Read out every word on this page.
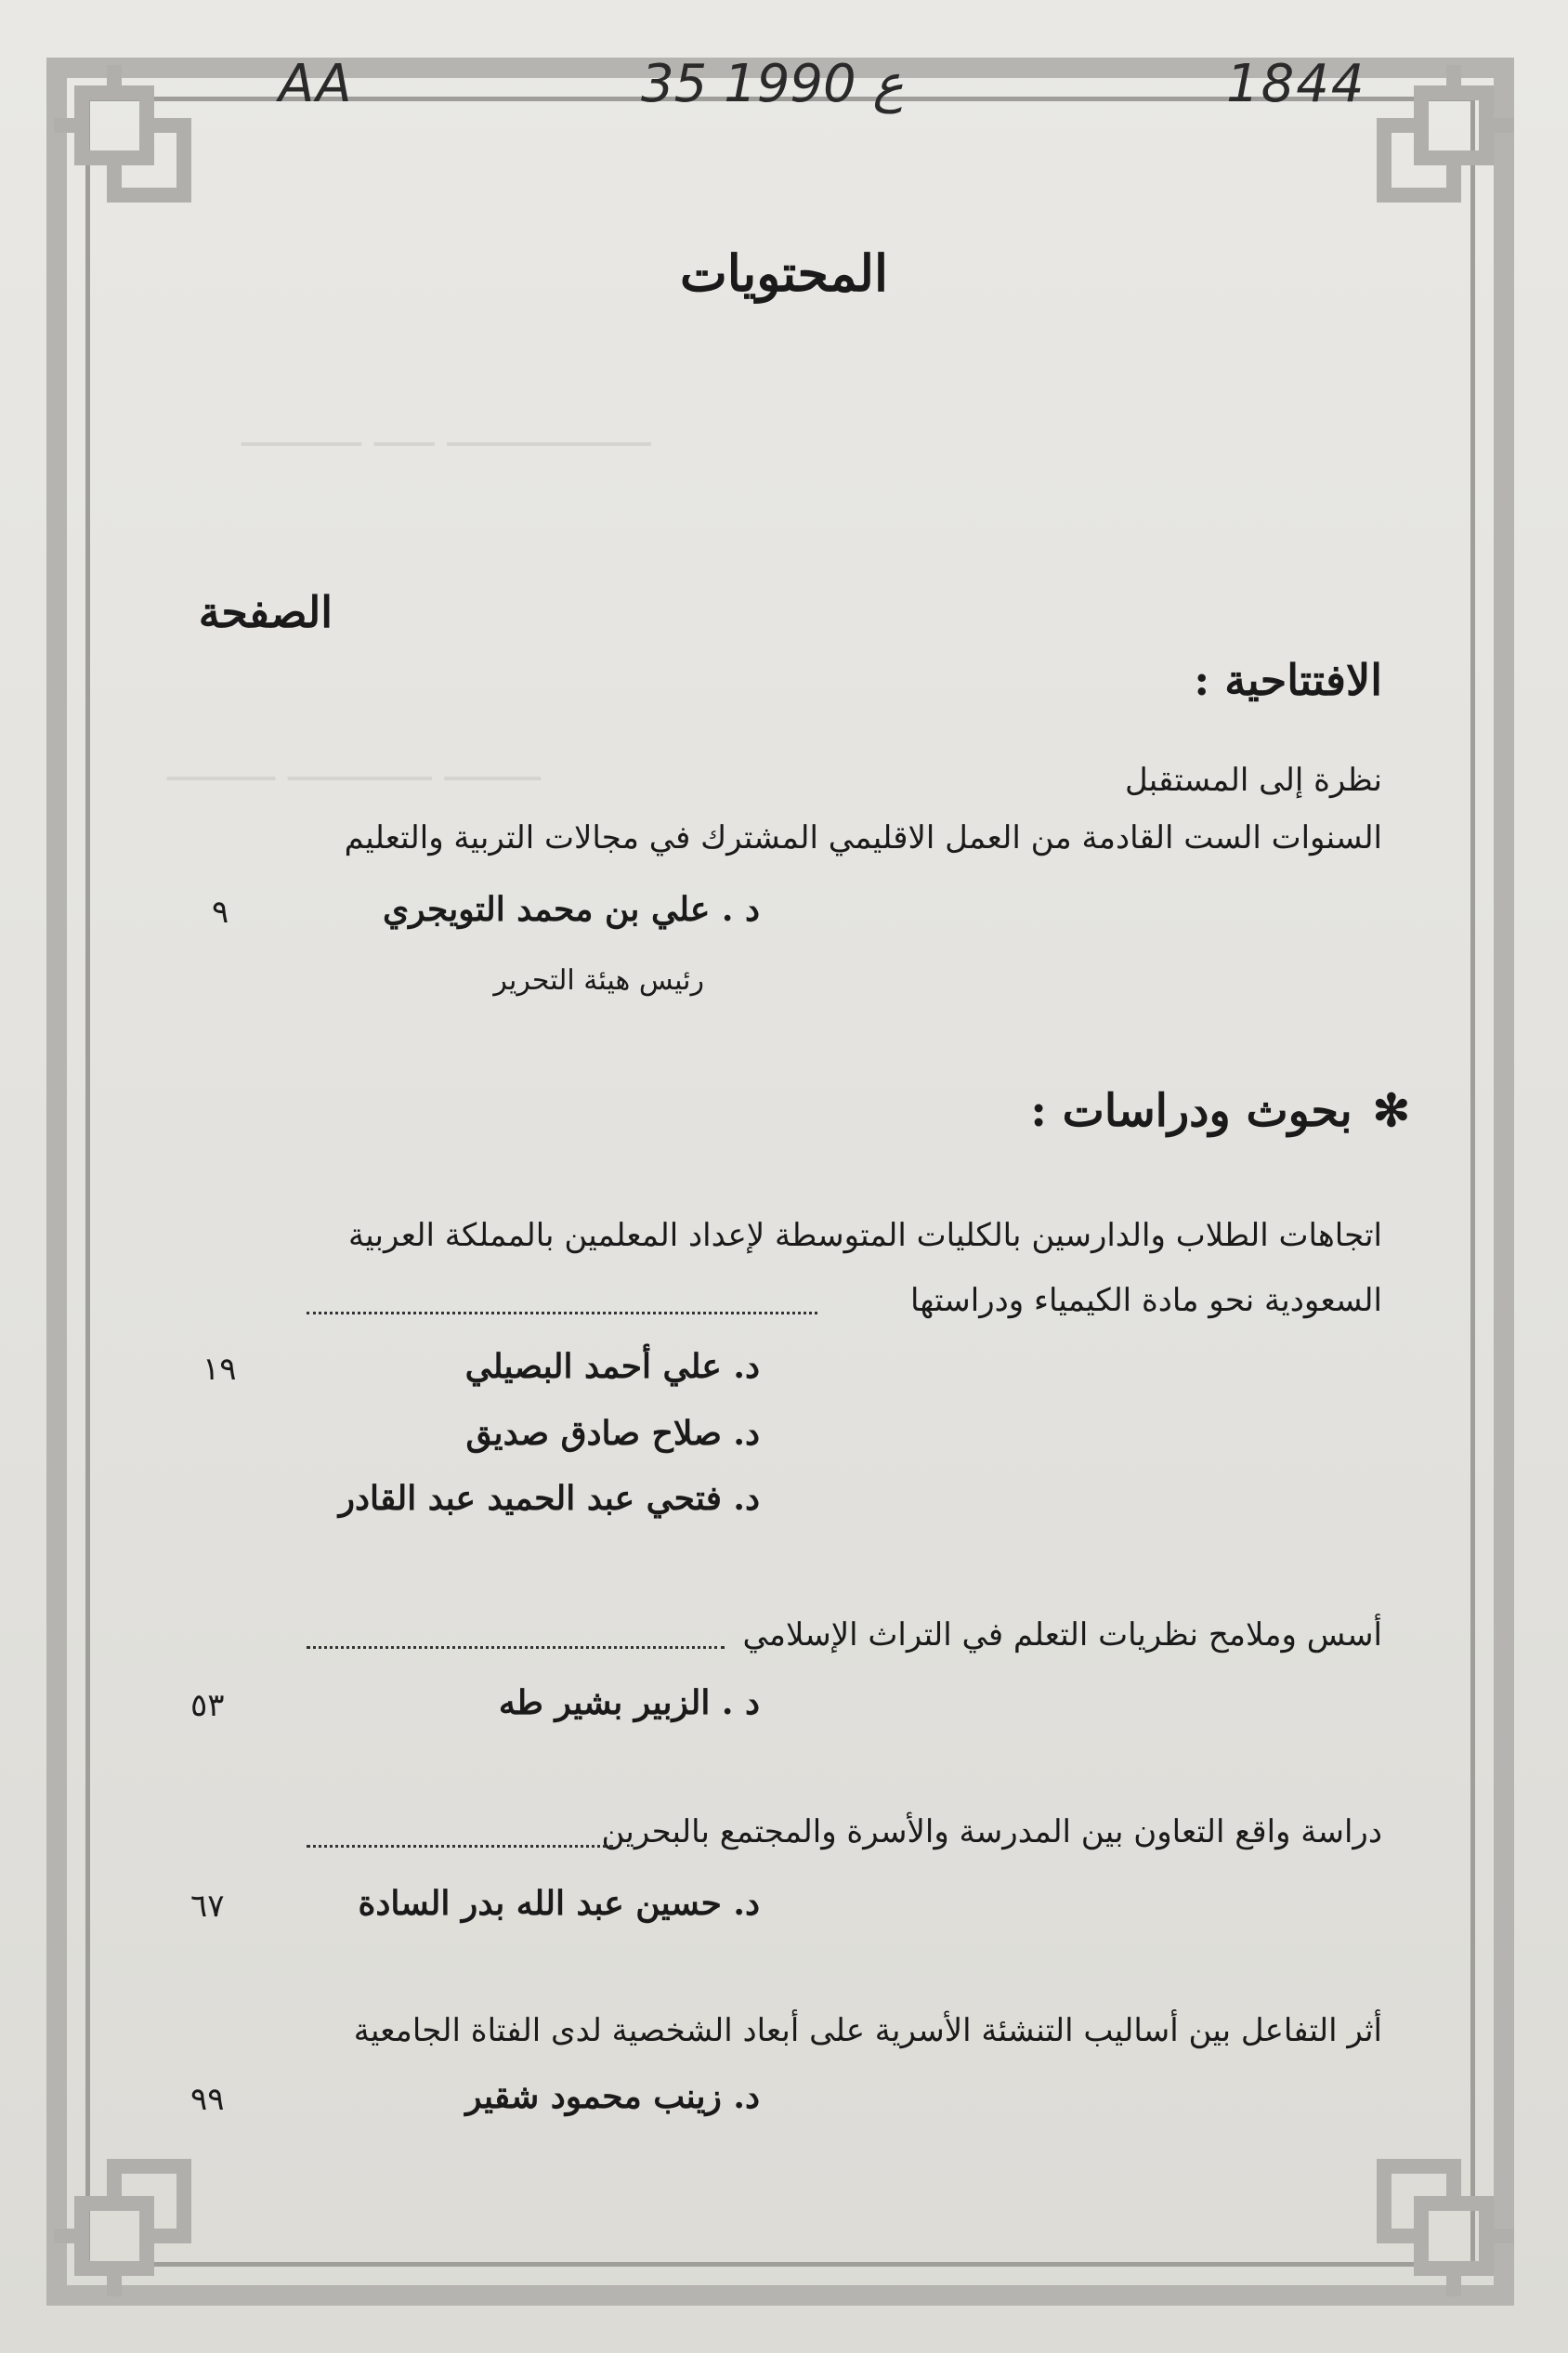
﻿ـــــــــــــــــ ـــــ ــــــــــ
ــــــــ ــــــــــــ ـــــــــ
AA	35 ع 1990	1844
المحتويات
الصفحة
الافتتاحية :
نظرة إلى المستقبل
السنوات الست القادمة من العمل الاقليمي المشترك في مجالات التربية والتعليم
د . علي بن محمد التويجري
٩
رئيس هيئة التحرير
✻بحوث ودراسات :
اتجاهات الطلاب والدارسين بالكليات المتوسطة لإعداد المعلمين بالمملكة العربية
السعودية نحو مادة الكيمياء ودراستها
د. علي أحمد البصيلي
١٩
د. صلاح صادق صديق
د. فتحي عبد الحميد عبد القادر
أسس وملامح نظريات التعلم في التراث الإسلامي
د . الزبير بشير طه
٥٣
دراسة واقع التعاون بين المدرسة والأسرة والمجتمع بالبحرين
د. حسين عبد الله بدر السادة
٦٧
أثر التفاعل بين أساليب التنشئة الأسرية على أبعاد الشخصية لدى الفتاة الجامعية
د. زينب محمود شقير
٩٩
